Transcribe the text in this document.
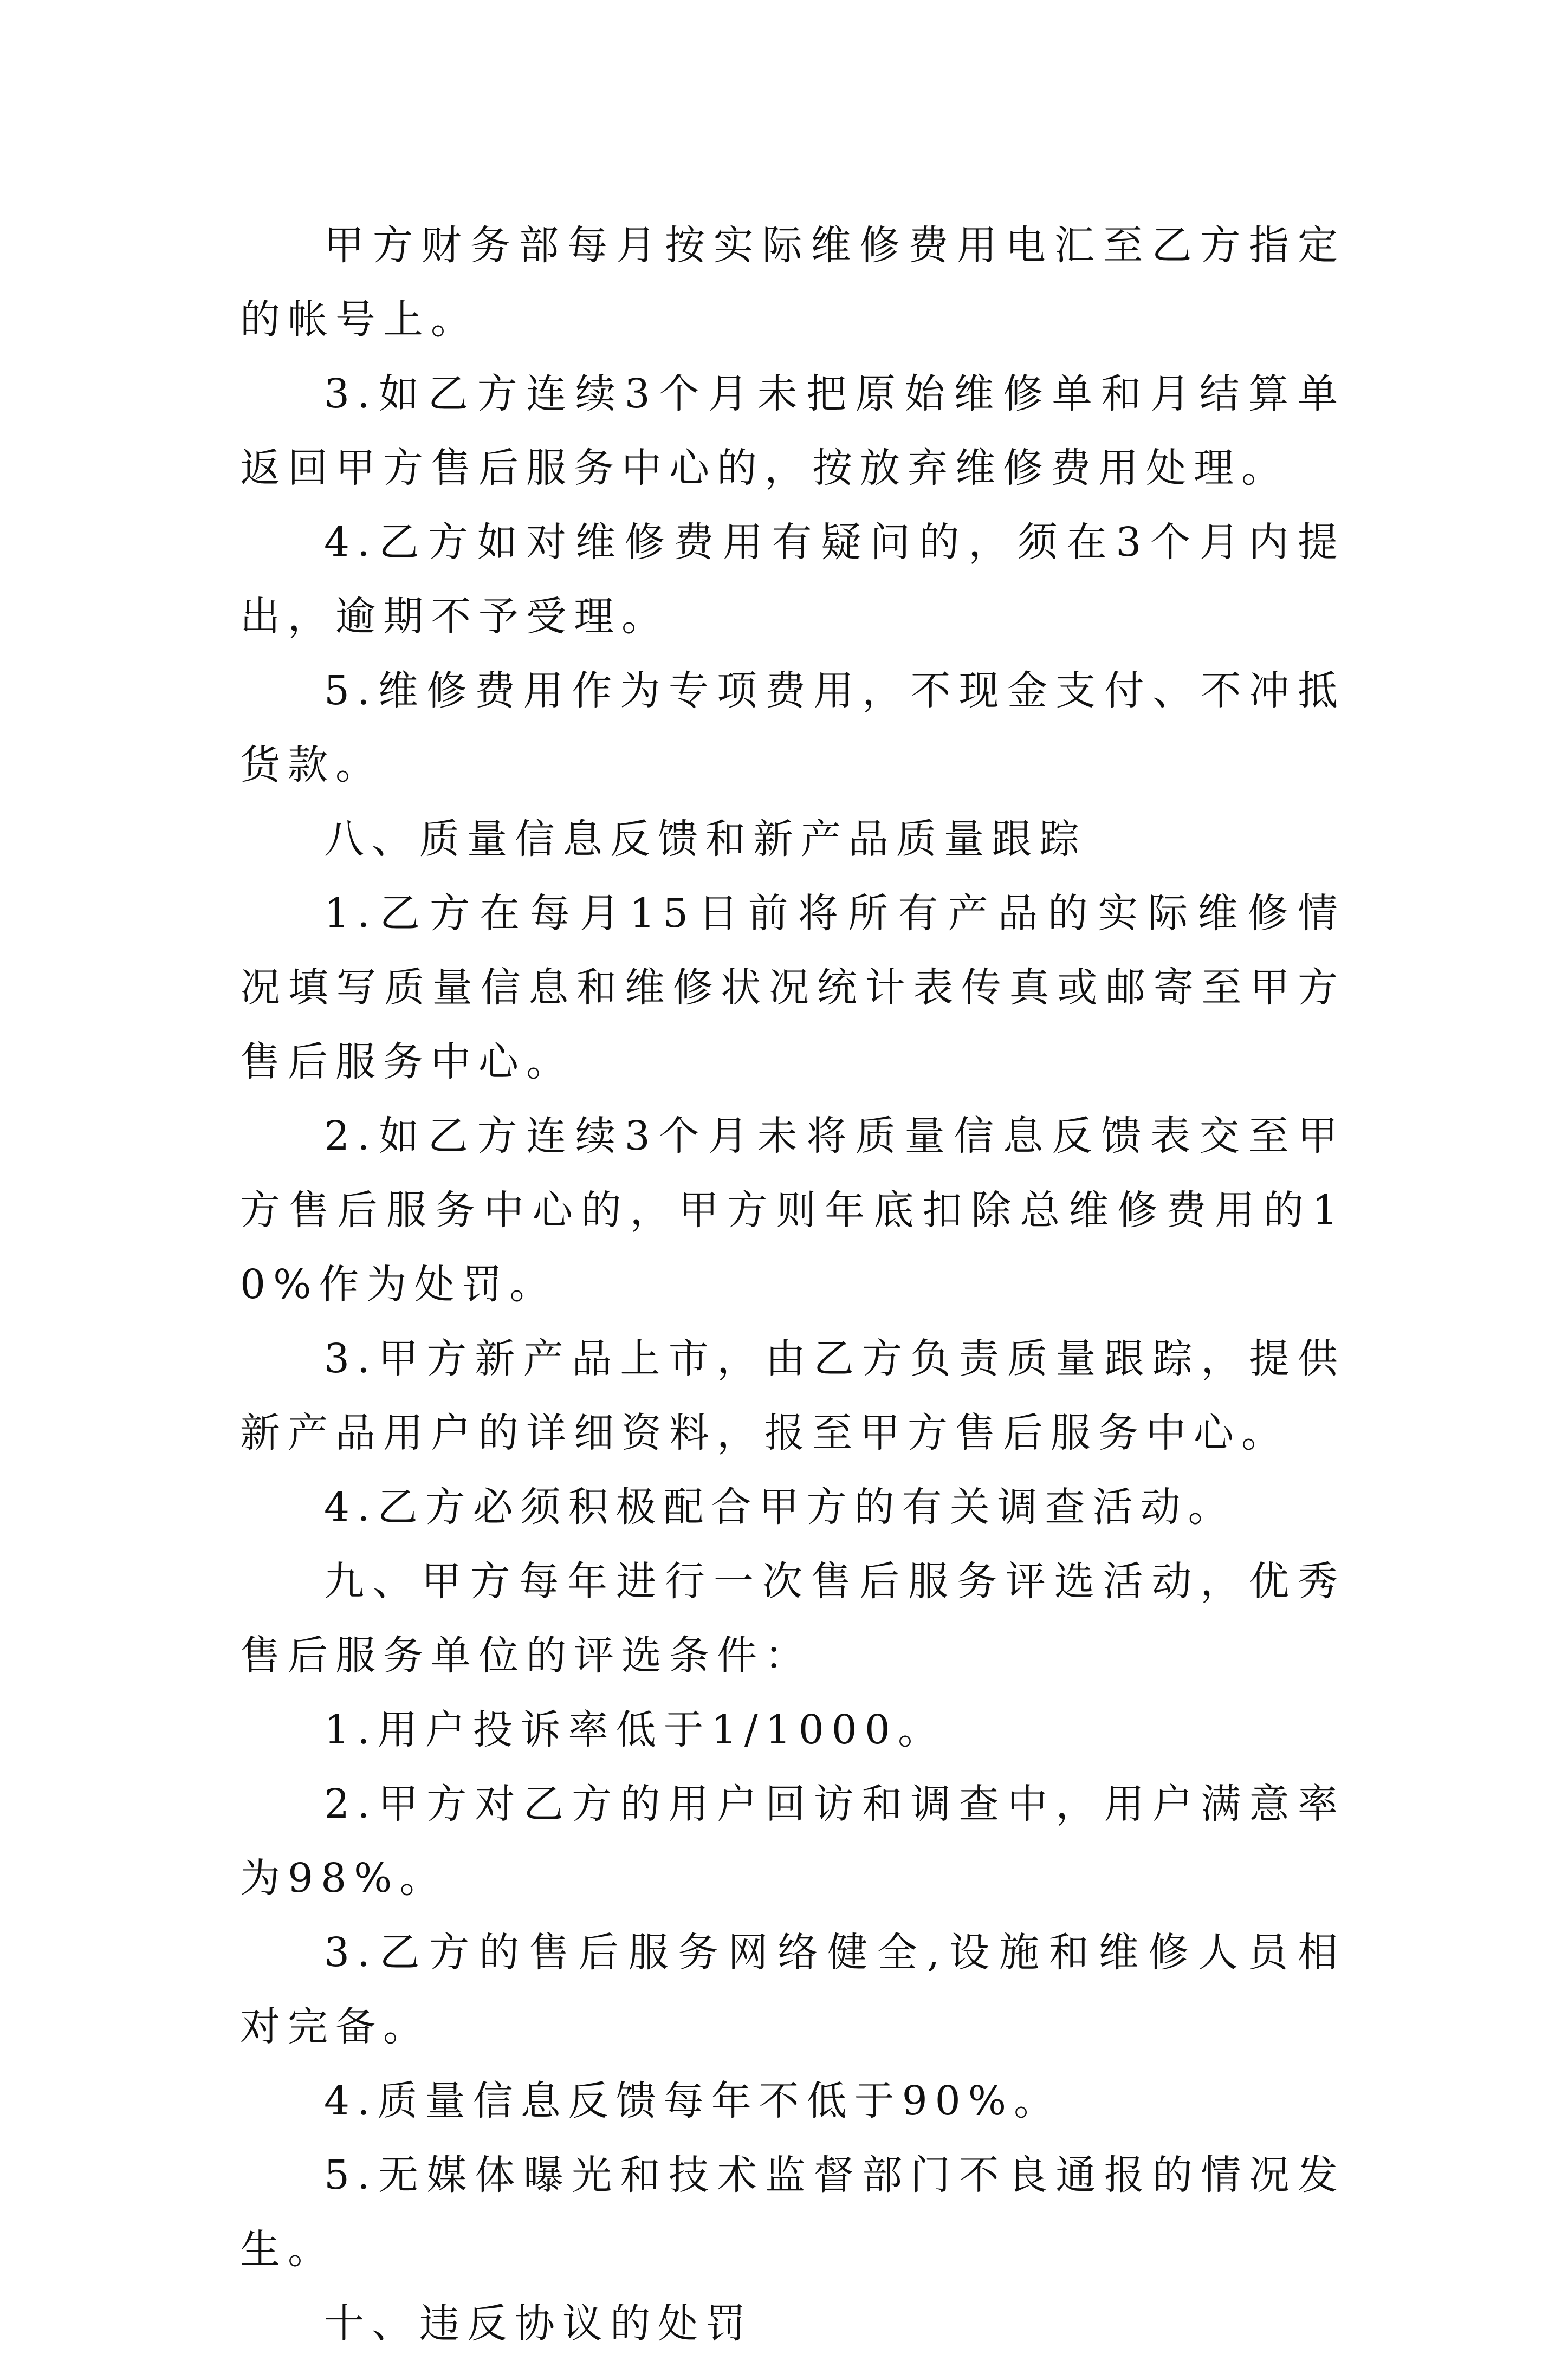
甲方财务部每月按实际维修费用电汇至乙方指定的帐号上。

3.如乙方连续3个月未把原始维修单和月结算单返回甲方售后服务中心的，按放弃维修费用处理。

4.乙方如对维修费用有疑问的，须在3个月内提出，逾期不予受理。

5.维修费用作为专项费用，不现金支付、不冲抵货款。

八、质量信息反馈和新产品质量跟踪

1.乙方在每月15日前将所有产品的实际维修情况填写质量信息和维修状况统计表传真或邮寄至甲方售后服务中心。

2.如乙方连续3个月未将质量信息反馈表交至甲方售后服务中心的，甲方则年底扣除总维修费用的10%作为处罚。

3.甲方新产品上市，由乙方负责质量跟踪，提供新产品用户的详细资料，报至甲方售后服务中心。

4.乙方必须积极配合甲方的有关调查活动。

九、甲方每年进行一次售后服务评选活动，优秀售后服务单位的评选条件：

1.用户投诉率低于1/1000。

2.甲方对乙方的用户回访和调查中，用户满意率为98%。

3.乙方的售后服务网络健全,设施和维修人员相对完备。

4.质量信息反馈每年不低于90%。

5.无媒体曝光和技术监督部门不良通报的情况发生。

十、违反协议的处罚
